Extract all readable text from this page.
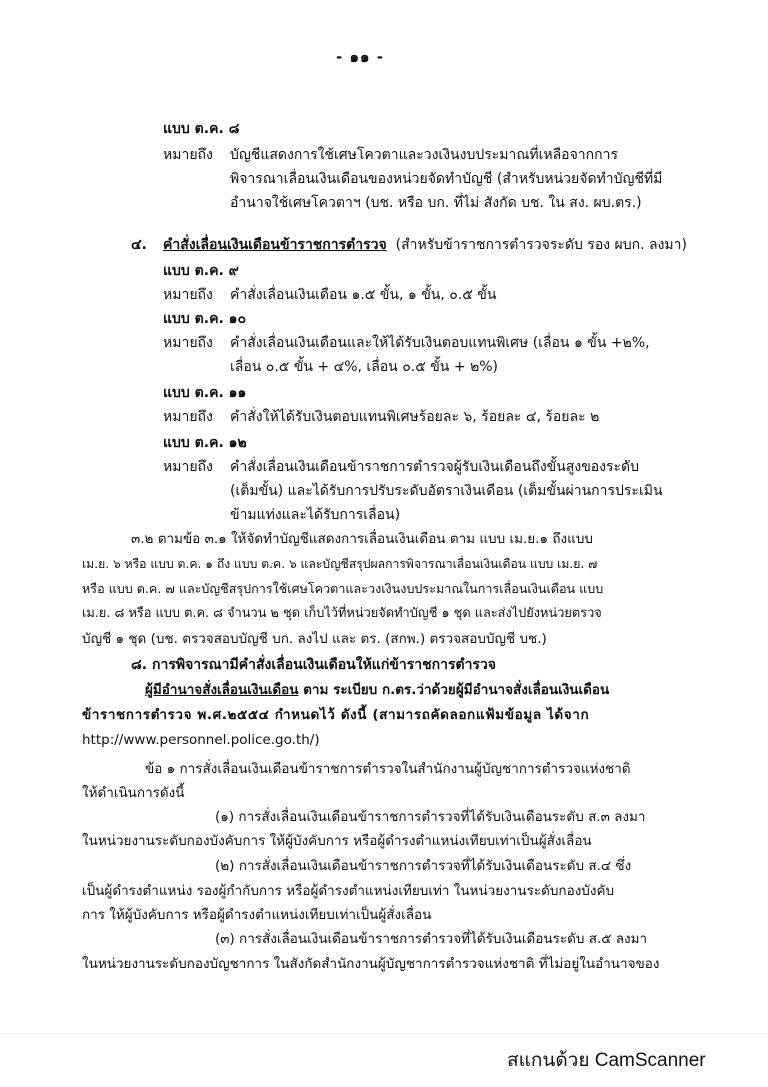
- ๑๑ -
แบบ ต.ค. ๘
หมายถึง บัญชีแสดงการใช้เศษโควตาและวงเงินงบประมาณที่เหลือจากการ
พิจารณาเลื่อนเงินเดือนของหน่วยจัดทำบัญชี (สำหรับหน่วยจัดทำบัญชีที่มี
อำนาจใช้เศษโควตาฯ (บช. หรือ บก. ที่ไม่ สังกัด บช. ใน สง. ผบ.ตร.)
๔. คำสั่งเลื่อนเงินเดือนข้าราชการตำรวจ (สำหรับข้าราชการตำรวจระดับ รอง ผบก. ลงมา)
แบบ ต.ค. ๙
หมายถึง คำสั่งเลื่อนเงินเดือน ๑.๕ ขั้น, ๑ ขั้น, ๐.๕ ขั้น
แบบ ต.ค. ๑๐
หมายถึง คำสั่งเลื่อนเงินเดือนและให้ได้รับเงินตอบแทนพิเศษ (เลื่อน ๑ ขั้น +๒%,
เลื่อน ๐.๕ ขั้น + ๔%, เลื่อน ๐.๕ ขั้น + ๒%)
แบบ ต.ค. ๑๑
หมายถึง คำสั่งให้ได้รับเงินตอบแทนพิเศษร้อยละ ๖, ร้อยละ ๔, ร้อยละ ๒
แบบ ต.ค. ๑๒
หมายถึง คำสั่งเลื่อนเงินเดือนข้าราชการตำรวจผู้รับเงินเดือนถึงขั้นสูงของระดับ
(เต็มขั้น) และได้รับการปรับระดับอัตราเงินเดือน (เต็มขั้นผ่านการประเมิน
ข้ามแท่งและได้รับการเลื่อน)
๓.๒ ตามข้อ ๓.๑ ให้จัดทำบัญชีแสดงการเลื่อนเงินเดือน ตาม แบบ เม.ย.๑ ถึงแบบ
เม.ย. ๖ หรือ แบบ ต.ค. ๑ ถึง แบบ ต.ค. ๖ และบัญชีสรุปผลการพิจารณาเลื่อนเงินเดือน แบบ เม.ย. ๗
หรือ แบบ ต.ค. ๗ และบัญชีสรุปการใช้เศษโควตาและวงเงินงบประมาณในการเลื่อนเงินเดือน แบบ
เม.ย. ๘ หรือ แบบ ต.ค. ๘ จำนวน ๒ ชุด เก็บไว้ที่หน่วยจัดทำบัญชี ๑ ชุด และส่งไปยังหน่วยตรวจ
บัญชี ๑ ชุด (บช. ตรวจสอบบัญชี บก. ลงไป และ ตร. (สกพ.) ตรวจสอบบัญชี บช.)
๘. การพิจารณามีคำสั่งเลื่อนเงินเดือนให้แก่ข้าราชการตำรวจ
ผู้มีอำนาจสั่งเลื่อนเงินเดือน ตาม ระเบียบ ก.ตร.ว่าด้วยผู้มีอำนาจสั่งเลื่อนเงินเดือน
ข้าราชการตำรวจ พ.ศ.๒๕๕๔ กำหนดไว้ ดังนี้ (สามารถคัดลอกแฟ้มข้อมูล ได้จาก
http://www.personnel.police.go.th/)
ข้อ ๑ การสั่งเลื่อนเงินเดือนข้าราชการตำรวจในสำนักงานผู้บัญชาการตำรวจแห่งชาติ
ให้ดำเนินการดังนี้
(๑) การสั่งเลื่อนเงินเดือนข้าราชการตำรวจที่ได้รับเงินเดือนระดับ ส.๓ ลงมา
ในหน่วยงานระดับกองบังคับการ ให้ผู้บังคับการ หรือผู้ดำรงตำแหน่งเทียบเท่าเป็นผู้สั่งเลื่อน
(๒) การสั่งเลื่อนเงินเดือนข้าราชการตำรวจที่ได้รับเงินเดือนระดับ ส.๔ ซึ่ง
เป็นผู้ดำรงตำแหน่ง รองผู้กำกับการ หรือผู้ดำรงตำแหน่งเทียบเท่า ในหน่วยงานระดับกองบังคับ
การ ให้ผู้บังคับการ หรือผู้ดำรงตำแหน่งเทียบเท่าเป็นผู้สั่งเลื่อน
(๓) การสั่งเลื่อนเงินเดือนข้าราชการตำรวจที่ได้รับเงินเดือนระดับ ส.๕ ลงมา
ในหน่วยงานระดับกองบัญชาการ ในสังกัดสำนักงานผู้บัญชาการตำรวจแห่งชาติ ที่ไม่อยู่ในอำนาจของ
สแกนด้วย CamScanner
